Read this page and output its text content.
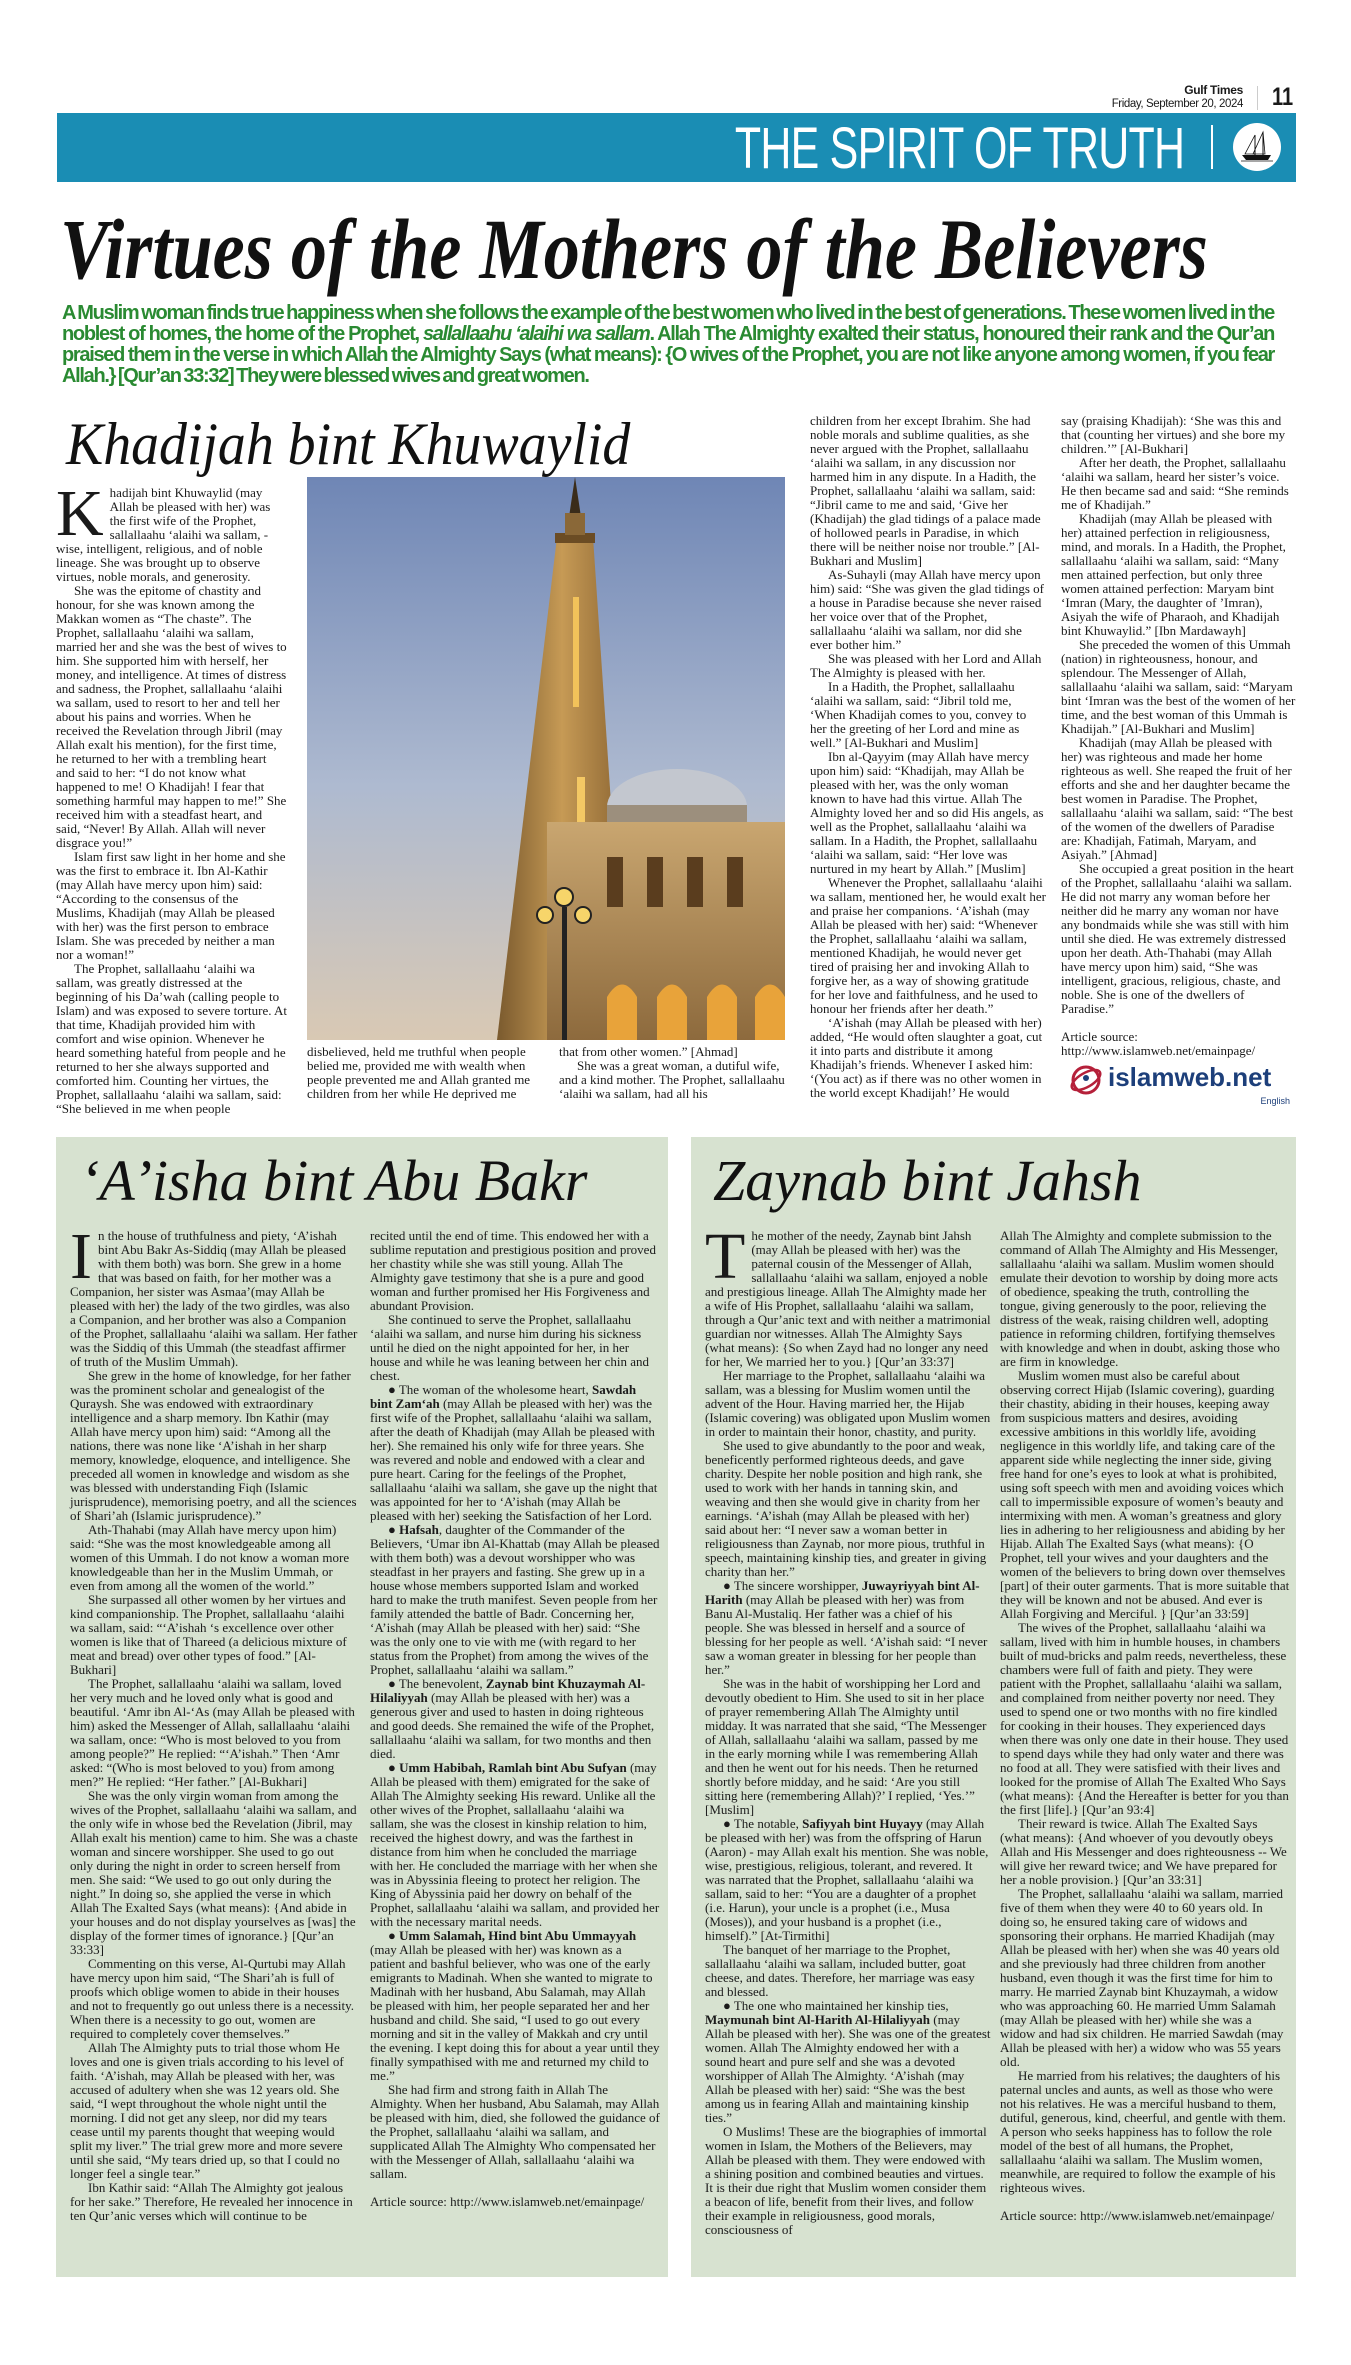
Gulf Times
Friday, September 20, 2024 11
THE SPIRIT OF TRUTH
Virtues of the Mothers of the Believers
A Muslim woman finds true happiness when she follows the example of the best women who lived in the best of generations. These women lived in the noblest of homes, the home of the Prophet, sallallaahu ‘alaihi wa sallam. Allah The Almighty exalted their status, honoured their rank and the Qur’an praised them in the verse in which Allah the Almighty Says (what means): {O wives of the Prophet, you are not like anyone among women, if you fear Allah.} [Qur’an 33:32] They were blessed wives and great women.
Khadijah bint Khuwaylid

Khadijah bint Khuwaylid (may Allah be pleased with her) was the first wife of the Prophet, sallallaahu ‘alaihi wa sallam, - wise, intelligent, religious, and of noble lineage. She was brought up to observe virtues, noble morals, and generosity.

She was the epitome of chastity and honour, for she was known among the Makkan women as “The chaste”. The Prophet, sallallaahu ‘alaihi wa sallam, married her and she was the best of wives to him. She supported him with herself, her money, and intelligence. At times of distress and sadness, the Prophet, sallallaahu ‘alaihi wa sallam, used to resort to her and tell her about his pains and worries. When he received the Revelation through Jibril (may Allah exalt his mention), for the first time, he returned to her with a trembling heart and said to her: “I do not know what happened to me! O Khadijah! I fear that something harmful may happen to me!” She received him with a steadfast heart, and said, “Never! By Allah. Allah will never disgrace you!”

Islam first saw light in her home and she was the first to embrace it. Ibn Al-Kathir (may Allah have mercy upon him) said: “According to the consensus of the Muslims, Khadijah (may Allah be pleased with her) was the first person to embrace Islam. She was preceded by neither a man nor a woman!”

The Prophet, sallallaahu ‘alaihi wa sallam, was greatly distressed at the beginning of his Da’wah (calling people to Islam) and was exposed to severe torture. At that time, Khadijah provided him with comfort and wise opinion. Whenever he heard something hateful from people and he returned to her she always supported and comforted him. Counting her virtues, the Prophet, sallallaahu ‘alaihi wa sallam, said: “She believed in me when people

disbelieved, held me truthful when people belied me, provided me with wealth when people prevented me and Allah granted me children from her while He deprived me

that from other women.” [Ahmad]

She was a great woman, a dutiful wife, and a kind mother. The Prophet, sallallaahu ‘alaihi wa sallam, had all his

children from her except Ibrahim. She had noble morals and sublime qualities, as she never argued with the Prophet, sallallaahu ‘alaihi wa sallam, in any discussion nor harmed him in any dispute. In a Hadith, the Prophet, sallallaahu ‘alaihi wa sallam, said: “Jibril came to me and said, ‘Give her (Khadijah) the glad tidings of a palace made of hollowed pearls in Paradise, in which there will be neither noise nor trouble.” [Al-Bukhari and Muslim]

As-Suhayli (may Allah have mercy upon him) said: “She was given the glad tidings of a house in Paradise because she never raised her voice over that of the Prophet, sallallaahu ‘alaihi wa sallam, nor did she ever bother him.”

She was pleased with her Lord and Allah The Almighty is pleased with her.

In a Hadith, the Prophet, sallallaahu ‘alaihi wa sallam, said: “Jibril told me, ‘When Khadijah comes to you, convey to her the greeting of her Lord and mine as well.” [Al-Bukhari and Muslim]

Ibn al-Qayyim (may Allah have mercy upon him) said: “Khadijah, may Allah be pleased with her, was the only woman known to have had this virtue. Allah The Almighty loved her and so did His angels, as well as the Prophet, sallallaahu ‘alaihi wa sallam. In a Hadith, the Prophet, sallallaahu ‘alaihi wa sallam, said: “Her love was nurtured in my heart by Allah.” [Muslim]

Whenever the Prophet, sallallaahu ‘alaihi wa sallam, mentioned her, he would exalt her and praise her companions. ‘A’ishah (may Allah be pleased with her) said: “Whenever the Prophet, sallallaahu ‘alaihi wa sallam, mentioned Khadijah, he would never get tired of praising her and invoking Allah to forgive her, as a way of showing gratitude for her love and faithfulness, and he used to honour her friends after her death.”

‘A’ishah (may Allah be pleased with her) added, “He would often slaughter a goat, cut it into parts and distribute it among Khadijah’s friends. Whenever I asked him: ‘(You act) as if there was no other women in the world except Khadijah!’ He would

say (praising Khadijah): ‘She was this and that (counting her virtues) and she bore my children.’” [Al-Bukhari]

After her death, the Prophet, sallallaahu ‘alaihi wa sallam, heard her sister’s voice. He then became sad and said: “She reminds me of Khadijah.”

Khadijah (may Allah be pleased with her) attained perfection in religiousness, mind, and morals. In a Hadith, the Prophet, sallallaahu ‘alaihi wa sallam, said: “Many men attained perfection, but only three women attained perfection: Maryam bint ‘Imran (Mary, the daughter of ’Imran), Asiyah the wife of Pharaoh, and Khadijah bint Khuwaylid.” [Ibn Mardawayh]

She preceded the women of this Ummah (nation) in righteousness, honour, and splendour. The Messenger of Allah, sallallaahu ‘alaihi wa sallam, said: “Maryam bint ‘Imran was the best of the women of her time, and the best woman of this Ummah is Khadijah.” [Al-Bukhari and Muslim]

Khadijah (may Allah be pleased with her) was righteous and made her home righteous as well. She reaped the fruit of her efforts and she and her daughter became the best women in Paradise. The Prophet, sallallaahu ‘alaihi wa sallam, said: “The best of the women of the dwellers of Paradise are: Khadijah, Fatimah, Maryam, and Asiyah.” [Ahmad]

She occupied a great position in the heart of the Prophet, sallallaahu ‘alaihi wa sallam. He did not marry any woman before her neither did he marry any woman nor have any bondmaids while she was still with him until she died. He was extremely distressed upon her death. Ath-Thahabi (may Allah have mercy upon him) said, “She was intelligent, gracious, religious, chaste, and noble. She is one of the dwellers of Paradise.”

Article source: http://www.islamweb.net/emainpage/

islamweb.net
English
‘A’isha bint Abu Bakr

In the house of truthfulness and piety, ‘A’ishah bint Abu Bakr As-Siddiq (may Allah be pleased with them both) was born. She grew in a home that was based on faith, for her mother was a Companion, her sister was Asmaa’(may Allah be pleased with her) the lady of the two girdles, was also a Companion, and her brother was also a Companion of the Prophet, sallallaahu ‘alaihi wa sallam. Her father was the Siddiq of this Ummah (the steadfast affirmer of truth of the Muslim Ummah).

She grew in the home of knowledge, for her father was the prominent scholar and genealogist of the Quraysh. She was endowed with extraordinary intelligence and a sharp memory. Ibn Kathir (may Allah have mercy upon him) said: “Among all the nations, there was none like ‘A’ishah in her sharp memory, knowledge, eloquence, and intelligence. She preceded all women in knowledge and wisdom as she was blessed with understanding Fiqh (Islamic jurisprudence), memorising poetry, and all the sciences of Shari’ah (Islamic jurisprudence).”

Ath-Thahabi (may Allah have mercy upon him) said: “She was the most knowledgeable among all women of this Ummah. I do not know a woman more knowledgeable than her in the Muslim Ummah, or even from among all the women of the world.”

She surpassed all other women by her virtues and kind companionship. The Prophet, sallallaahu ‘alaihi wa sallam, said: “‘A’ishah ‘s excellence over other women is like that of Thareed (a delicious mixture of meat and bread) over other types of food.” [Al-Bukhari]

The Prophet, sallallaahu ‘alaihi wa sallam, loved her very much and he loved only what is good and beautiful. ‘Amr ibn Al-‘As (may Allah be pleased with him) asked the Messenger of Allah, sallallaahu ‘alaihi wa sallam, once: “Who is most beloved to you from among people?” He replied: “‘A’ishah.” Then ‘Amr asked: “(Who is most beloved to you) from among men?” He replied: “Her father.” [Al-Bukhari]

She was the only virgin woman from among the wives of the Prophet, sallallaahu ‘alaihi wa sallam, and the only wife in whose bed the Revelation (Jibril, may Allah exalt his mention) came to him. She was a chaste woman and sincere worshipper. She used to go out only during the night in order to screen herself from men. She said: “We used to go out only during the night.” In doing so, she applied the verse in which Allah The Exalted Says (what means): {And abide in your houses and do not display yourselves as [was] the display of the former times of ignorance.} [Qur’an 33:33]

Commenting on this verse, Al-Qurtubi may Allah have mercy upon him said, “The Shari’ah is full of proofs which oblige women to abide in their houses and not to frequently go out unless there is a necessity. When there is a necessity to go out, women are required to completely cover themselves.”

Allah The Almighty puts to trial those whom He loves and one is given trials according to his level of faith. ‘A’ishah, may Allah be pleased with her, was accused of adultery when she was 12 years old. She said, “I wept throughout the whole night until the morning. I did not get any sleep, nor did my tears cease until my parents thought that weeping would split my liver.” The trial grew more and more severe until she said, “My tears dried up, so that I could no longer feel a single tear.”

Ibn Kathir said: “Allah The Almighty got jealous for her sake.” Therefore, He revealed her innocence in ten Qur’anic verses which will continue to be

recited until the end of time. This endowed her with a sublime reputation and prestigious position and proved her chastity while she was still young. Allah The Almighty gave testimony that she is a pure and good woman and further promised her His Forgiveness and abundant Provision.

She continued to serve the Prophet, sallallaahu ‘alaihi wa sallam, and nurse him during his sickness until he died on the night appointed for her, in her house and while he was leaning between her chin and chest.

● The woman of the wholesome heart, Sawdah bint Zam‘ah (may Allah be pleased with her) was the first wife of the Prophet, sallallaahu ‘alaihi wa sallam, after the death of Khadijah (may Allah be pleased with her). She remained his only wife for three years. She was revered and noble and endowed with a clear and pure heart. Caring for the feelings of the Prophet, sallallaahu ‘alaihi wa sallam, she gave up the night that was appointed for her to ‘A’ishah (may Allah be pleased with her) seeking the Satisfaction of her Lord.

● Hafsah, daughter of the Commander of the Believers, ‘Umar ibn Al-Khattab (may Allah be pleased with them both) was a devout worshipper who was steadfast in her prayers and fasting. She grew up in a house whose members supported Islam and worked hard to make the truth manifest. Seven people from her family attended the battle of Badr. Concerning her, ‘A’ishah (may Allah be pleased with her) said: “She was the only one to vie with me (with regard to her status from the Prophet) from among the wives of the Prophet, sallallaahu ‘alaihi wa sallam.”

● The benevolent, Zaynab bint Khuzaymah Al-Hilaliyyah (may Allah be pleased with her) was a generous giver and used to hasten in doing righteous and good deeds. She remained the wife of the Prophet, sallallaahu ‘alaihi wa sallam, for two months and then died.

● Umm Habibah, Ramlah bint Abu Sufyan (may Allah be pleased with them) emigrated for the sake of Allah The Almighty seeking His reward. Unlike all the other wives of the Prophet, sallallaahu ‘alaihi wa sallam, she was the closest in kinship relation to him, received the highest dowry, and was the farthest in distance from him when he concluded the marriage with her. He concluded the marriage with her when she was in Abyssinia fleeing to protect her religion. The King of Abyssinia paid her dowry on behalf of the Prophet, sallallaahu ‘alaihi wa sallam, and provided her with the necessary marital needs.

● Umm Salamah, Hind bint Abu Ummayyah (may Allah be pleased with her) was known as a patient and bashful believer, who was one of the early emigrants to Madinah. When she wanted to migrate to Madinah with her husband, Abu Salamah, may Allah be pleased with him, her people separated her and her husband and child. She said, “I used to go out every morning and sit in the valley of Makkah and cry until the evening. I kept doing this for about a year until they finally sympathised with me and returned my child to me.”

She had firm and strong faith in Allah The Almighty. When her husband, Abu Salamah, may Allah be pleased with him, died, she followed the guidance of the Prophet, sallallaahu ‘alaihi wa sallam, and supplicated Allah The Almighty Who compensated her with the Messenger of Allah, sallallaahu ‘alaihi wa sallam.

Article source: http://www.islamweb.net/emainpage/

Zaynab bint Jahsh

The mother of the needy, Zaynab bint Jahsh (may Allah be pleased with her) was the paternal cousin of the Messenger of Allah, sallallaahu ‘alaihi wa sallam, enjoyed a noble and prestigious lineage. Allah The Almighty made her a wife of His Prophet, sallallaahu ‘alaihi wa sallam, through a Qur’anic text and with neither a matrimonial guardian nor witnesses. Allah The Almighty Says (what means): {So when Zayd had no longer any need for her, We married her to you.} [Qur’an 33:37]

Her marriage to the Prophet, sallallaahu ‘alaihi wa sallam, was a blessing for Muslim women until the advent of the Hour. Having married her, the Hijab (Islamic covering) was obligated upon Muslim women in order to maintain their honor, chastity, and purity.

She used to give abundantly to the poor and weak, beneficently performed righteous deeds, and gave charity. Despite her noble position and high rank, she used to work with her hands in tanning skin, and weaving and then she would give in charity from her earnings. ‘A’ishah (may Allah be pleased with her) said about her: “I never saw a woman better in religiousness than Zaynab, nor more pious, truthful in speech, maintaining kinship ties, and greater in giving charity than her.”

● The sincere worshipper, Juwayriyyah bint Al-Harith (may Allah be pleased with her) was from Banu Al-Mustaliq. Her father was a chief of his people. She was blessed in herself and a source of blessing for her people as well. ‘A’ishah said: “I never saw a woman greater in blessing for her people than her.”

She was in the habit of worshipping her Lord and devoutly obedient to Him. She used to sit in her place of prayer remembering Allah The Almighty until midday. It was narrated that she said, “The Messenger of Allah, sallallaahu ‘alaihi wa sallam, passed by me in the early morning while I was remembering Allah and then he went out for his needs. Then he returned shortly before midday, and he said: ‘Are you still sitting here (remembering Allah)?’ I replied, ‘Yes.’” [Muslim]

● The notable, Safiyyah bint Huyayy (may Allah be pleased with her) was from the offspring of Harun (Aaron) - may Allah exalt his mention. She was noble, wise, prestigious, religious, tolerant, and revered. It was narrated that the Prophet, sallallaahu ‘alaihi wa sallam, said to her: “You are a daughter of a prophet (i.e. Harun), your uncle is a prophet (i.e., Musa (Moses)), and your husband is a prophet (i.e., himself).” [At-Tirmithi]

The banquet of her marriage to the Prophet, sallallaahu ‘alaihi wa sallam, included butter, goat cheese, and dates. Therefore, her marriage was easy and blessed.

● The one who maintained her kinship ties, Maymunah bint Al-Harith Al-Hilaliyyah (may Allah be pleased with her). She was one of the greatest women. Allah The Almighty endowed her with a sound heart and pure self and she was a devoted worshipper of Allah The Almighty. ‘A’ishah (may Allah be pleased with her) said: “She was the best among us in fearing Allah and maintaining kinship ties.”

O Muslims! These are the biographies of immortal women in Islam, the Mothers of the Believers, may Allah be pleased with them. They were endowed with a shining position and combined beauties and virtues. It is their due right that Muslim women consider them a beacon of life, benefit from their lives, and follow their example in religiousness, good morals, consciousness of

Allah The Almighty and complete submission to the command of Allah The Almighty and His Messenger, sallallaahu ‘alaihi wa sallam. Muslim women should emulate their devotion to worship by doing more acts of obedience, speaking the truth, controlling the tongue, giving generously to the poor, relieving the distress of the weak, raising children well, adopting patience in reforming children, fortifying themselves with knowledge and when in doubt, asking those who are firm in knowledge.

Muslim women must also be careful about observing correct Hijab (Islamic covering), guarding their chastity, abiding in their houses, keeping away from suspicious matters and desires, avoiding excessive ambitions in this worldly life, avoiding negligence in this worldly life, and taking care of the apparent side while neglecting the inner side, giving free hand for one’s eyes to look at what is prohibited, using soft speech with men and avoiding voices which call to impermissible exposure of women’s beauty and intermixing with men. A woman’s greatness and glory lies in adhering to her religiousness and abiding by her Hijab. Allah The Exalted Says (what means): {O Prophet, tell your wives and your daughters and the women of the believers to bring down over themselves [part] of their outer garments. That is more suitable that they will be known and not be abused. And ever is Allah Forgiving and Merciful. } [Qur’an 33:59]

The wives of the Prophet, sallallaahu ‘alaihi wa sallam, lived with him in humble houses, in chambers built of mud-bricks and palm reeds, nevertheless, these chambers were full of faith and piety. They were patient with the Prophet, sallallaahu ‘alaihi wa sallam, and complained from neither poverty nor need. They used to spend one or two months with no fire kindled for cooking in their houses. They experienced days when there was only one date in their house. They used to spend days while they had only water and there was no food at all. They were satisfied with their lives and looked for the promise of Allah The Exalted Who Says (what means): {And the Hereafter is better for you than the first [life].} [Qur’an 93:4]

Their reward is twice. Allah The Exalted Says (what means): {And whoever of you devoutly obeys Allah and His Messenger and does righteousness -- We will give her reward twice; and We have prepared for her a noble provision.} [Qur’an 33:31]

The Prophet, sallallaahu ‘alaihi wa sallam, married five of them when they were 40 to 60 years old. In doing so, he ensured taking care of widows and sponsoring their orphans. He married Khadijah (may Allah be pleased with her) when she was 40 years old and she previously had three children from another husband, even though it was the first time for him to marry. He married Zaynab bint Khuzaymah, a widow who was approaching 60. He married Umm Salamah (may Allah be pleased with her) while she was a widow and had six children. He married Sawdah (may Allah be pleased with her) a widow who was 55 years old.

He married from his relatives; the daughters of his paternal uncles and aunts, as well as those who were not his relatives. He was a merciful husband to them, dutiful, generous, kind, cheerful, and gentle with them. A person who seeks happiness has to follow the role model of the best of all humans, the Prophet, sallallaahu ‘alaihi wa sallam. The Muslim women, meanwhile, are required to follow the example of his righteous wives.

Article source: http://www.islamweb.net/emainpage/
